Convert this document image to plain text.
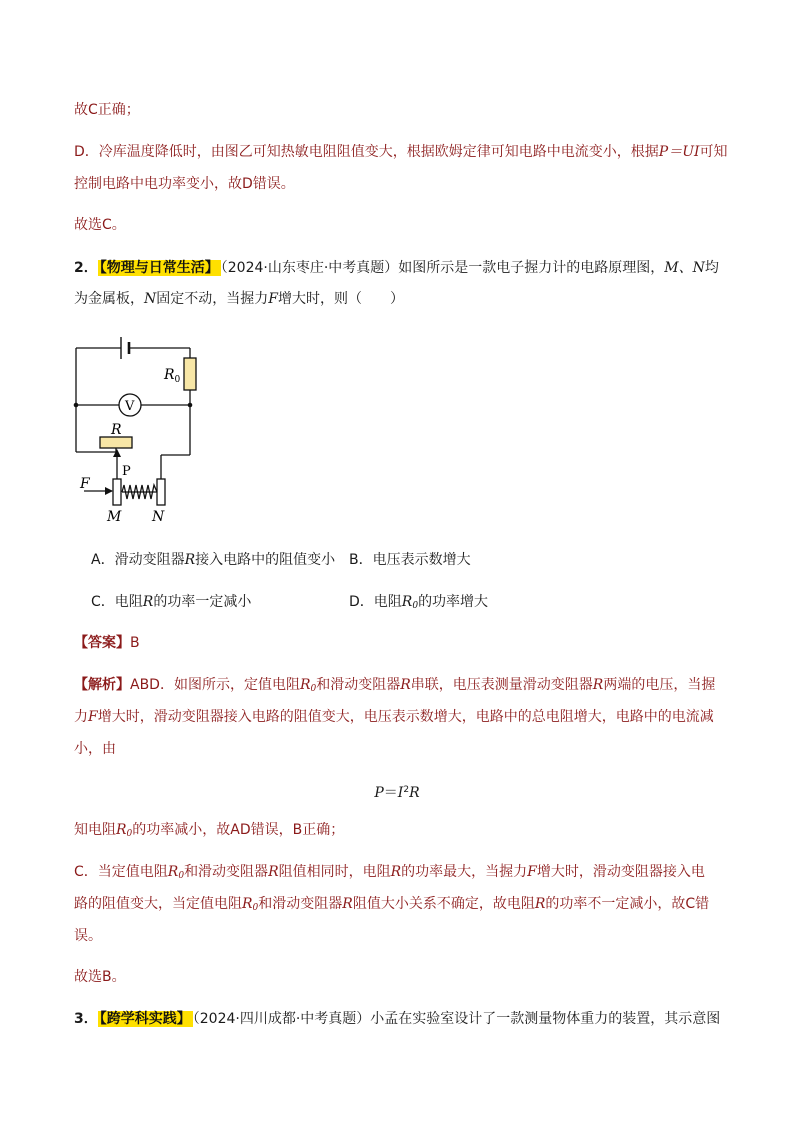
故C正确；
D．冷库温度降低时，由图乙可知热敏电阻阻值变大，根据欧姆定律可知电路中电流变小，根据P＝UI可知
控制电路中电功率变小，故D错误。
故选C。
2． 【物理与日常生活】 （2024·山东枣庄·中考真题）如图所示是一款电子握力计的电路原理图，M、N均
为金属板，N固定不动，当握力F增大时，则（　　）
$R_0$
V
R
P
F
M N
A．滑动变阻器R接入电路中的阻值变小 B．电压表示数增大
C．电阻R的功率一定减小	D．电阻$R_0$的功率增大
【答案】B
【解析】ABD．如图所示，定值电阻$R_0$和滑动变阻器R串联，电压表测量滑动变阻器R两端的电压，当握
力F增大时，滑动变阻器接入电路的阻值变大，电压表示数增大，电路中的总电阻增大，电路中的电流减
小，由
$P=I^2R$
知电阻$R_0$的功率减小，故AD错误，B正确；
C．当定值电阻$R_0$和滑动变阻器R阻值相同时，电阻R的功率最大，当握力F增大时，滑动变阻器接入电
路的阻值变大，当定值电阻$R_0$和滑动变阻器R阻值大小关系不确定，故电阻R的功率不一定减小，故C错
误。
故选B。
3． 【跨学科实践】 （2024·四川成都·中考真题）小孟在实验室设计了一款测量物体重力的装置，其示意图
